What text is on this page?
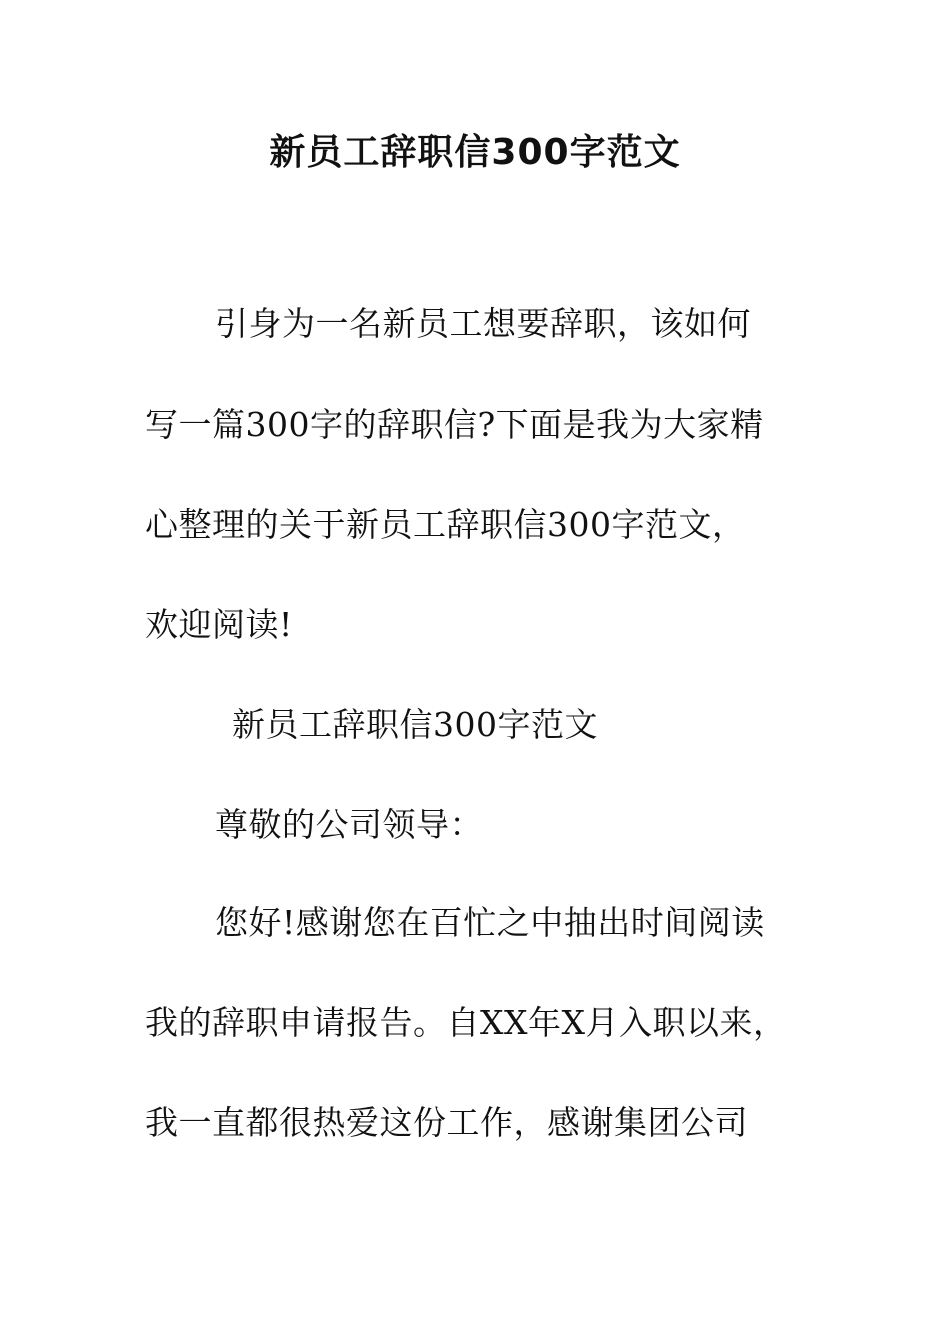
新员工辞职信300字范文
引身为一名新员工想要辞职，该如何
写一篇300字的辞职信?下面是我为大家精
心整理的关于新员工辞职信300字范文，
欢迎阅读!
新员工辞职信300字范文
尊敬的公司领导：
您好!感谢您在百忙之中抽出时间阅读
我的辞职申请报告。自XX年X月入职以来，
我一直都很热爱这份工作，感谢集团公司
